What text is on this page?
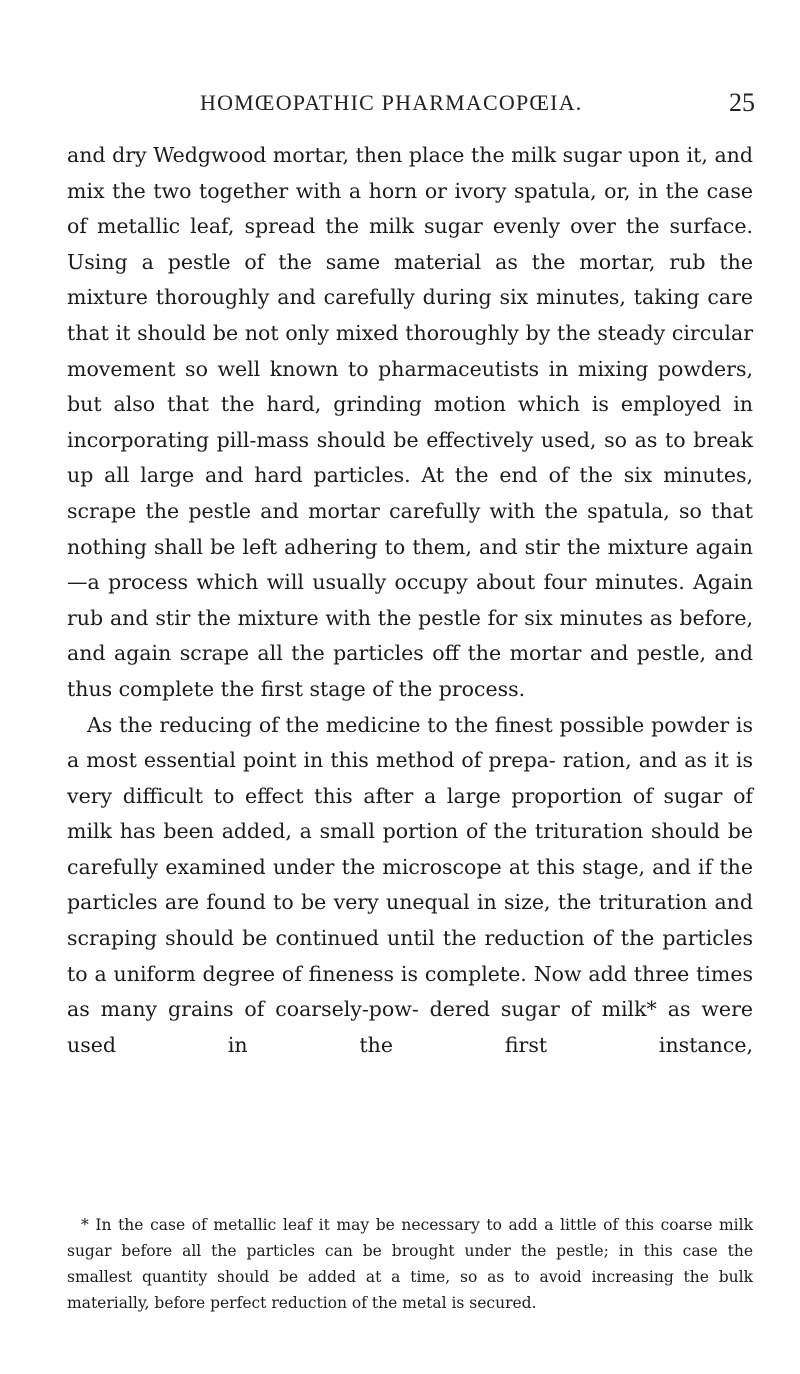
HOMŒOPATHIC PHARMACOPŒIA.	25

and dry Wedgwood mortar, then place the milk sugar upon it, and mix the two together with a horn or ivory spatula, or, in the case of metallic leaf, spread the milk sugar evenly over the surface. Using a pestle of the same material as the mortar, rub the mixture thoroughly and carefully during six minutes, taking care that it should be not only mixed thoroughly by the steady circular movement so well known to pharmaceutists in mixing powders, but also that the hard, grinding motion which is employed in incorporating pill-mass should be effectively used, so as to break up all large and hard particles. At the end of the six minutes, scrape the pestle and mortar carefully with the spatula, so that nothing shall be left adhering to them, and stir the mixture again—a process which will usually occupy about four minutes. Again rub and stir the mixture with the pestle for six minutes as before, and again scrape all the particles off the mortar and pestle, and thus complete the first stage of the process.

As the reducing of the medicine to the finest possible powder is a most essential point in this method of prepa- ration, and as it is very difficult to effect this after a large proportion of sugar of milk has been added, a small portion of the trituration should be carefully examined under the microscope at this stage, and if the particles are found to be very unequal in size, the trituration and scraping should be continued until the reduction of the particles to a uniform degree of fineness is complete. Now add three times as many grains of coarsely-pow- dered sugar of milk* as were used in the first instance,

* In the case of metallic leaf it may be necessary to add a little of this coarse milk sugar before all the particles can be brought under the pestle; in this case the smallest quantity should be added at a time, so as to avoid increasing the bulk materially, before perfect reduction of the metal is secured.
